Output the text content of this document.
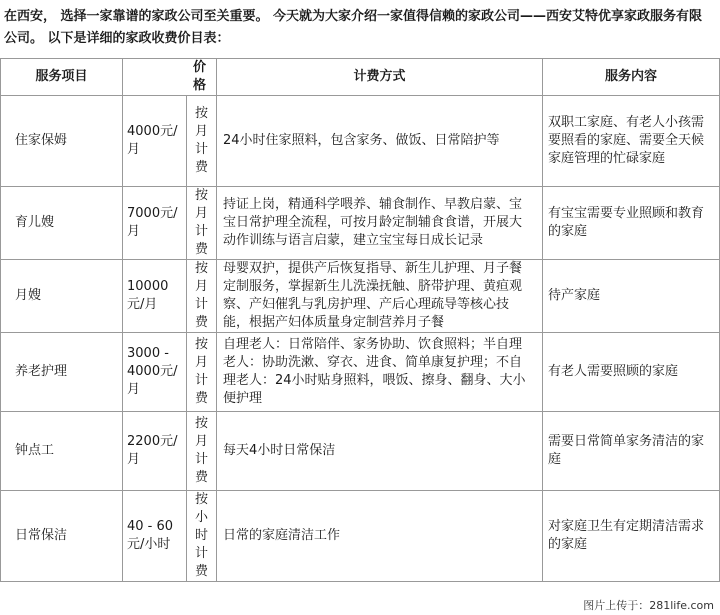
在西安， 选择一家靠谱的家政公司至关重要。 今天就为大家介绍一家值得信赖的家政公司——西安艾特优享家政服务有限公司。 以下是详细的家政收费价目表：
服务项目	价格		计费方式	服务内容
住家保姆	4000元/月	按月计费	24小时住家照料，包含家务、做饭、日常陪护等	双职工家庭、有老人小孩需要照看的家庭、需要全天候家庭管理的忙碌家庭
育儿嫂	7000元/月	按月计费	持证上岗，精通科学喂养、辅食制作、早教启蒙、宝宝日常护理全流程，可按月龄定制辅食食谱，开展大动作训练与语言启蒙，建立宝宝每日成长记录	有宝宝需要专业照顾和教育的家庭
月嫂	10000元/月	按月计费	母婴双护，提供产后恢复指导、新生儿护理、月子餐定制服务，掌握新生儿洗澡抚触、脐带护理、黄疸观察、产妇催乳与乳房护理、产后心理疏导等核心技能，根据产妇体质量身定制营养月子餐	待产家庭
养老护理	3000 - 4000元/月	按月计费	自理老人：日常陪伴、家务协助、饮食照料；半自理老人：协助洗漱、穿衣、进食、简单康复护理；不自理老人：24小时贴身照料，喂饭、擦身、翻身、大小便护理	有老人需要照顾的家庭
钟点工	2200元/月	按月计费	每天4小时日常保洁	需要日常简单家务清洁的家庭
日常保洁	40 - 60元/小时	按小时计费	日常的家庭清洁工作	对家庭卫生有定期清洁需求的家庭
图片上传于：281life.com
